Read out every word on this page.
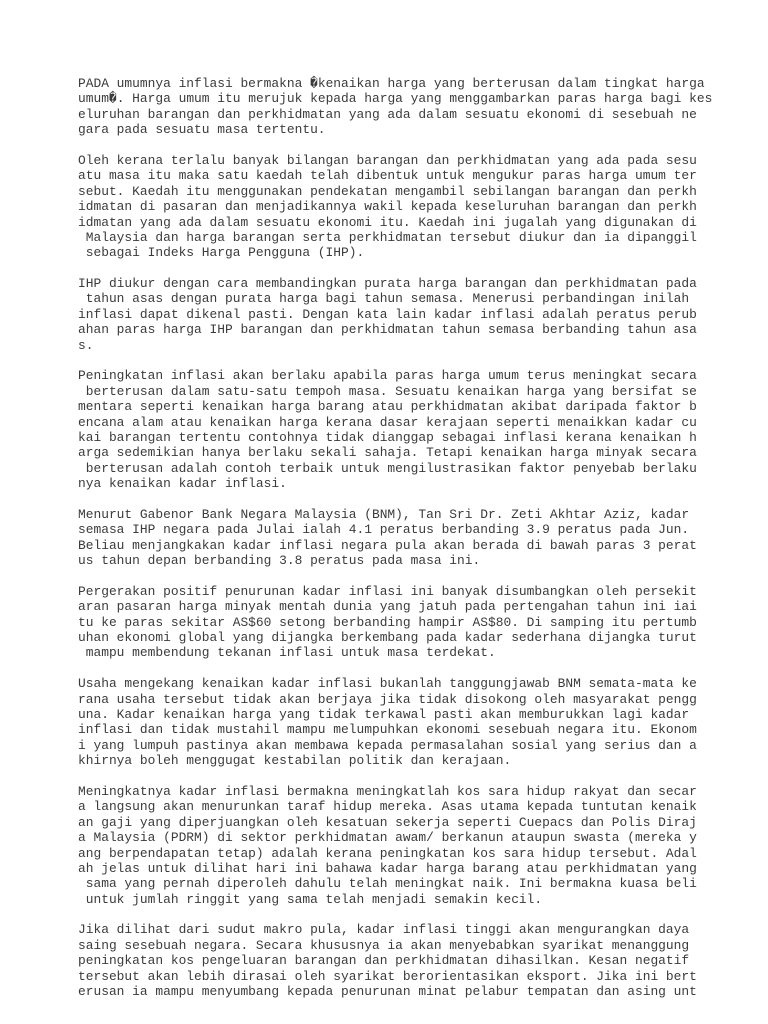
PADA umumnya inflasi bermakna �kenaikan harga yang berterusan dalam tingkat harga
umum�. Harga umum itu merujuk kepada harga yang menggambarkan paras harga bagi kes
eluruhan barangan dan perkhidmatan yang ada dalam sesuatu ekonomi di sesebuah ne
gara pada sesuatu masa tertentu.

Oleh kerana terlalu banyak bilangan barangan dan perkhidmatan yang ada pada sesu
atu masa itu maka satu kaedah telah dibentuk untuk mengukur paras harga umum ter
sebut. Kaedah itu menggunakan pendekatan mengambil sebilangan barangan dan perkh
idmatan di pasaran dan menjadikannya wakil kepada keseluruhan barangan dan perkh
idmatan yang ada dalam sesuatu ekonomi itu. Kaedah ini jugalah yang digunakan di
Malaysia dan harga barangan serta perkhidmatan tersebut diukur dan ia dipanggil
sebagai Indeks Harga Pengguna (IHP).

IHP diukur dengan cara membandingkan purata harga barangan dan perkhidmatan pada
tahun asas dengan purata harga bagi tahun semasa. Menerusi perbandingan inilah
inflasi dapat dikenal pasti. Dengan kata lain kadar inflasi adalah peratus perub
ahan paras harga IHP barangan dan perkhidmatan tahun semasa berbanding tahun asa
s.

Peningkatan inflasi akan berlaku apabila paras harga umum terus meningkat secara
berterusan dalam satu-satu tempoh masa. Sesuatu kenaikan harga yang bersifat se
mentara seperti kenaikan harga barang atau perkhidmatan akibat daripada faktor b
encana alam atau kenaikan harga kerana dasar kerajaan seperti menaikkan kadar cu
kai barangan tertentu contohnya tidak dianggap sebagai inflasi kerana kenaikan h
arga sedemikian hanya berlaku sekali sahaja. Tetapi kenaikan harga minyak secara
berterusan adalah contoh terbaik untuk mengilustrasikan faktor penyebab berlaku
nya kenaikan kadar inflasi.

Menurut Gabenor Bank Negara Malaysia (BNM), Tan Sri Dr. Zeti Akhtar Aziz, kadar
semasa IHP negara pada Julai ialah 4.1 peratus berbanding 3.9 peratus pada Jun.
Beliau menjangkakan kadar inflasi negara pula akan berada di bawah paras 3 perat
us tahun depan berbanding 3.8 peratus pada masa ini.

Pergerakan positif penurunan kadar inflasi ini banyak disumbangkan oleh persekit
aran pasaran harga minyak mentah dunia yang jatuh pada pertengahan tahun ini iai
tu ke paras sekitar AS$60 setong berbanding hampir AS$80. Di samping itu pertumb
uhan ekonomi global yang dijangka berkembang pada kadar sederhana dijangka turut
mampu membendung tekanan inflasi untuk masa terdekat.

Usaha mengekang kenaikan kadar inflasi bukanlah tanggungjawab BNM semata-mata ke
rana usaha tersebut tidak akan berjaya jika tidak disokong oleh masyarakat pengg
una. Kadar kenaikan harga yang tidak terkawal pasti akan memburukkan lagi kadar
inflasi dan tidak mustahil mampu melumpuhkan ekonomi sesebuah negara itu. Ekonom
i yang lumpuh pastinya akan membawa kepada permasalahan sosial yang serius dan a
khirnya boleh menggugat kestabilan politik dan kerajaan.

Meningkatnya kadar inflasi bermakna meningkatlah kos sara hidup rakyat dan secar
a langsung akan menurunkan taraf hidup mereka. Asas utama kepada tuntutan kenaik
an gaji yang diperjuangkan oleh kesatuan sekerja seperti Cuepacs dan Polis Diraj
a Malaysia (PDRM) di sektor perkhidmatan awam/ berkanun ataupun swasta (mereka y
ang berpendapatan tetap) adalah kerana peningkatan kos sara hidup tersebut. Adal
ah jelas untuk dilihat hari ini bahawa kadar harga barang atau perkhidmatan yang
sama yang pernah diperoleh dahulu telah meningkat naik. Ini bermakna kuasa beli
untuk jumlah ringgit yang sama telah menjadi semakin kecil.

Jika dilihat dari sudut makro pula, kadar inflasi tinggi akan mengurangkan daya
saing sesebuah negara. Secara khususnya ia akan menyebabkan syarikat menanggung
peningkatan kos pengeluaran barangan dan perkhidmatan dihasilkan. Kesan negatif
tersebut akan lebih dirasai oleh syarikat berorientasikan eksport. Jika ini bert
erusan ia mampu menyumbang kepada penurunan minat pelabur tempatan dan asing unt
